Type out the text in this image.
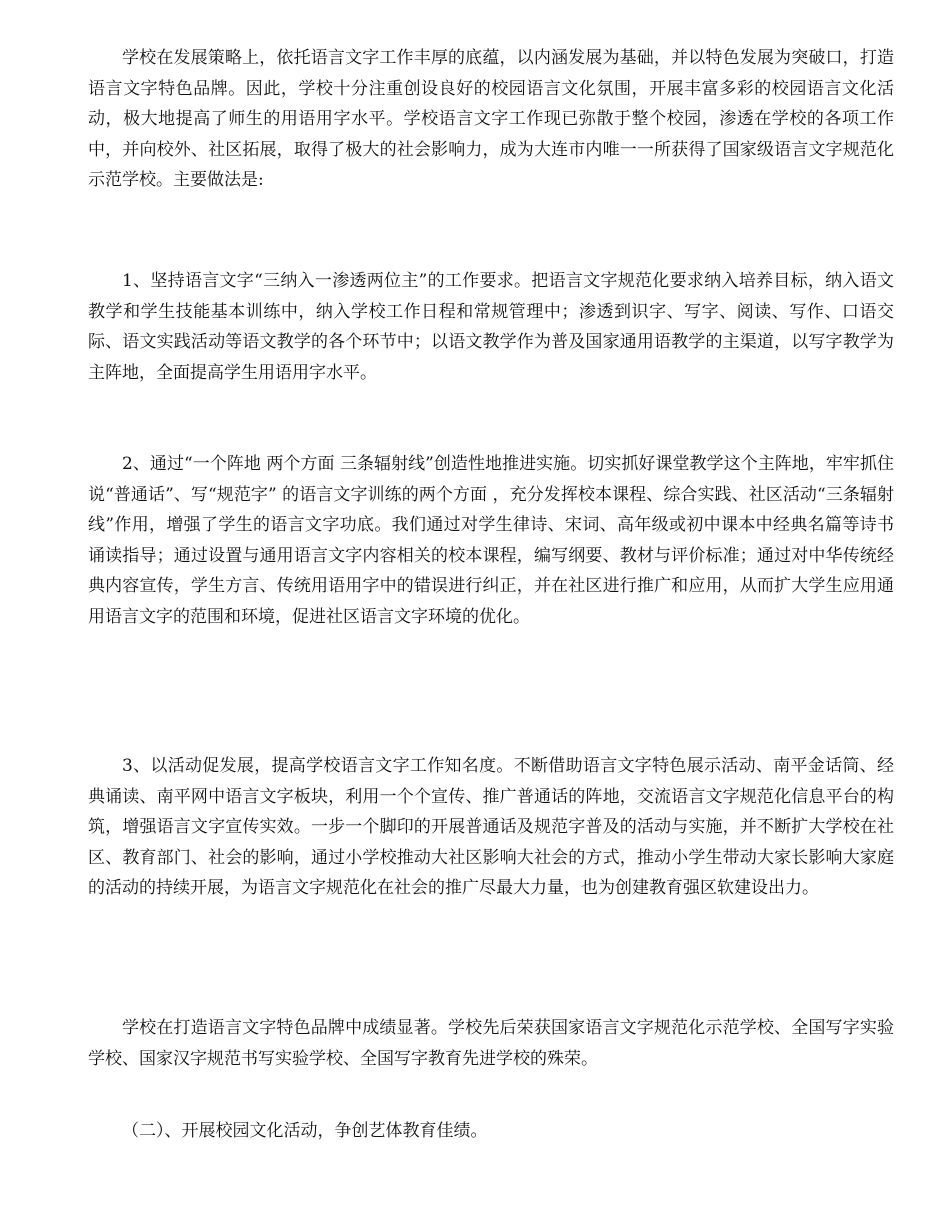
学校在发展策略上，依托语言文字工作丰厚的底蕴，以内涵发展为基础，并以特色发展为突破口，打造语言文字特色品牌。因此，学校十分注重创设良好的校园语言文化氛围，开展丰富多彩的校园语言文化活动，极大地提高了师生的用语用字水平。学校语言文字工作现已弥散于整个校园，渗透在学校的各项工作中，并向校外、社区拓展，取得了极大的社会影响力，成为大连市内唯一一所获得了国家级语言文字规范化示范学校。主要做法是:

1、坚持语言文字“三纳入一渗透两位主”的工作要求。把语言文字规范化要求纳入培养目标，纳入语文教学和学生技能基本训练中，纳入学校工作日程和常规管理中；渗透到识字、写字、阅读、写作、口语交际、语文实践活动等语文教学的各个环节中；以语文教学作为普及国家通用语教学的主渠道，以写字教学为主阵地，全面提高学生用语用字水平。

2、通过“一个阵地 两个方面 三条辐射线”创造性地推进实施。切实抓好课堂教学这个主阵地，牢牢抓住说“普通话”、写“规范字” 的语言文字训练的两个方面 ，充分发挥校本课程、综合实践、社区活动“三条辐射线”作用，增强了学生的语言文字功底。我们通过对学生律诗、宋词、高年级或初中课本中经典名篇等诗书诵读指导；通过设置与通用语言文字内容相关的校本课程，编写纲要、教材与评价标准；通过对中华传统经典内容宣传，学生方言、传统用语用字中的错误进行纠正，并在社区进行推广和应用，从而扩大学生应用通用语言文字的范围和环境，促进社区语言文字环境的优化。

3、以活动促发展，提高学校语言文字工作知名度。不断借助语言文字特色展示活动、南平金话筒、经典诵读、南平网中语言文字板块，利用一个个宣传、推广普通话的阵地，交流语言文字规范化信息平台的构筑，增强语言文字宣传实效。一步一个脚印的开展普通话及规范字普及的活动与实施，并不断扩大学校在社区、教育部门、社会的影响，通过小学校推动大社区影响大社会的方式，推动小学生带动大家长影响大家庭的活动的持续开展，为语言文字规范化在社会的推广尽最大力量，也为创建教育强区软建设出力。

学校在打造语言文字特色品牌中成绩显著。学校先后荣获国家语言文字规范化示范学校、全国写字实验学校、国家汉字规范书写实验学校、全国写字教育先进学校的殊荣。

（二）、开展校园文化活动，争创艺体教育佳绩。
